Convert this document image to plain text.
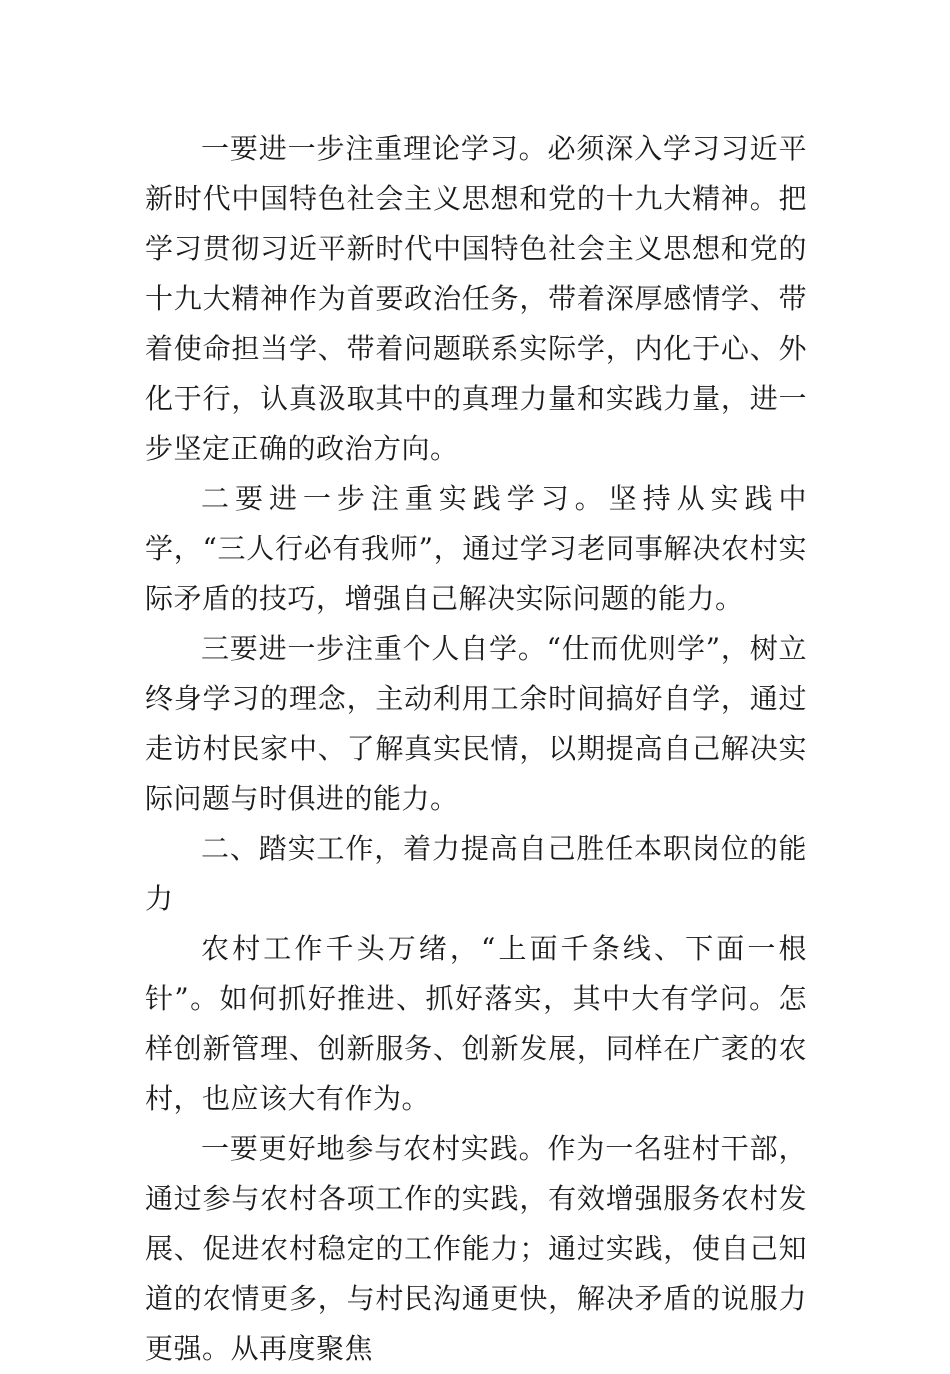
一要进一步注重理论学习。必须深入学习习近平新时代中国特色社会主义思想和党的十九大精神。把学习贯彻习近平新时代中国特色社会主义思想和党的十九大精神作为首要政治任务，带着深厚感情学、带着使命担当学、带着问题联系实际学，内化于心、外化于行，认真汲取其中的真理力量和实践力量，进一步坚定正确的政治方向。

二要进一步注重实践学习。坚持从实践中学，“三人行必有我师”，通过学习老同事解决农村实际矛盾的技巧，增强自己解决实际问题的能力。

三要进一步注重个人自学。“仕而优则学”，树立终身学习的理念，主动利用工余时间搞好自学，通过走访村民家中、了解真实民情，以期提高自己解决实际问题与时俱进的能力。

二、踏实工作，着力提高自己胜任本职岗位的能力

农村工作千头万绪，“上面千条线、下面一根针”。如何抓好推进、抓好落实，其中大有学问。怎样创新管理、创新服务、创新发展，同样在广袤的农村，也应该大有作为。

一要更好地参与农村实践。作为一名驻村干部，通过参与农村各项工作的实践，有效增强服务农村发展、促进农村稳定的工作能力；通过实践，使自己知道的农情更多，与村民沟通更快，解决矛盾的说服力更强。从再度聚焦
